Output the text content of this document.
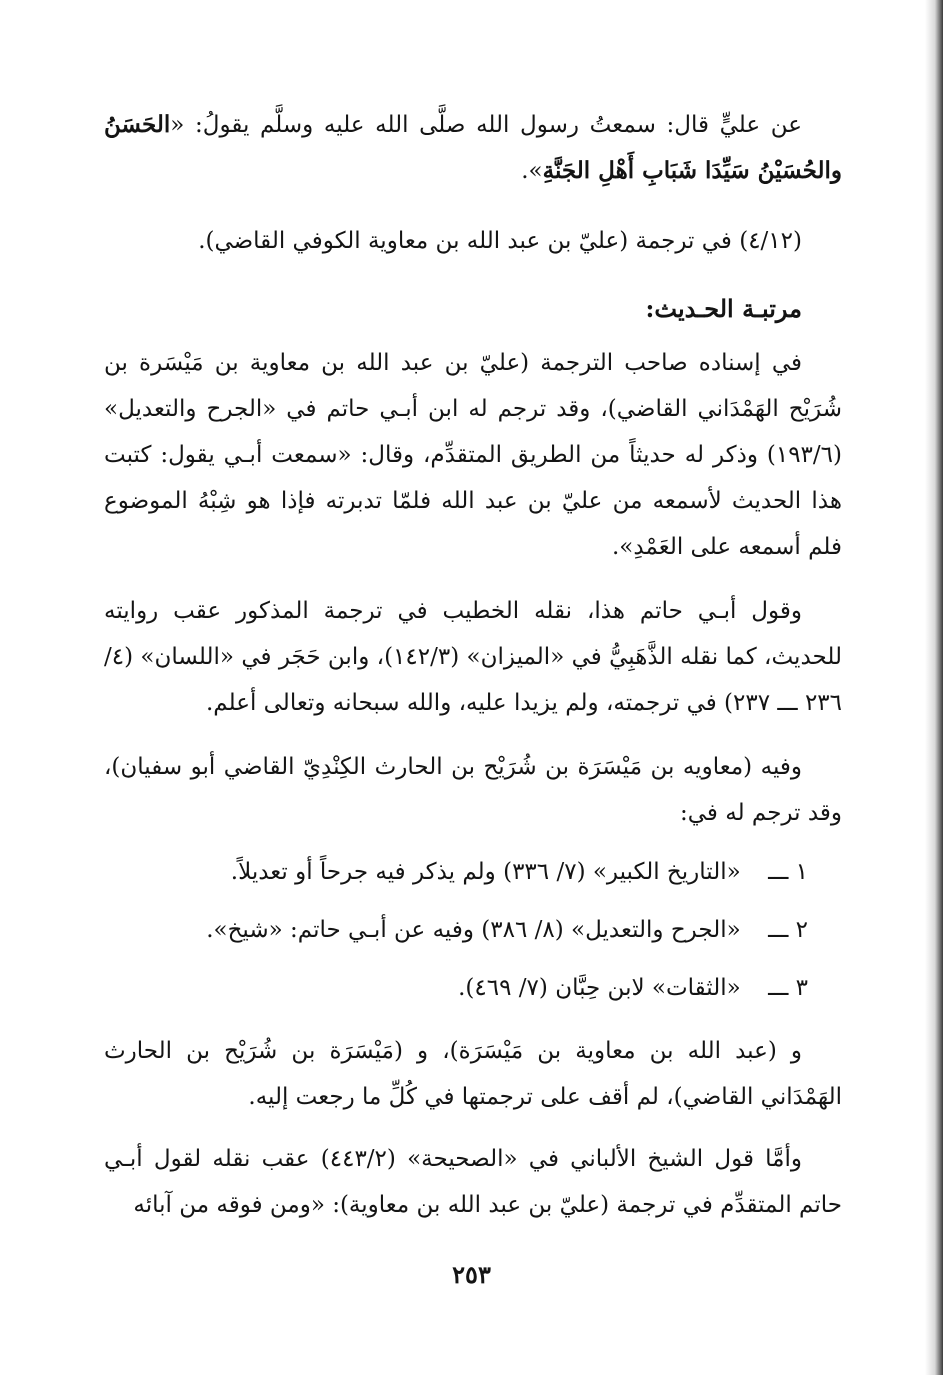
عن عليٍّ قال: سمعتُ رسول الله صلَّى الله عليه وسلَّم يقولُ: «الحَسَنُ والحُسَيْنُ سَيِّدَا شَبَابِ أَهْلِ الجَنَّةِ».
(٤/١٢) في ترجمة (عليّ بن عبد الله بن معاوية الكوفي القاضي).
مرتبـة الحـديث:
في إسناده صاحب الترجمة (عليّ بن عبد الله بن معاوية بن مَيْسَرة بن شُرَيْح الهَمْدَاني القاضي)، وقد ترجم له ابن أبـي حاتم في «الجرح والتعديل» (١٩٣/٦) وذكر له حديثاً من الطريق المتقدِّم، وقال: «سمعت أبـي يقول: كتبت هذا الحديث لأسمعه من عليّ بن عبد الله فلمّا تدبرته فإذا هو شِبْهُ الموضوع فلم أسمعه على العَمْدِ».
وقول أبـي حاتم هذا، نقله الخطيب في ترجمة المذكور عقب روايته للحديث، كما نقله الذَّهَبِيُّ في «الميزان» (١٤٢/٣)، وابن حَجَر في «اللسان» (٤/ ٢٣٦ ـــ ٢٣٧) في ترجمته، ولم يزيدا عليه، والله سبحانه وتعالى أعلم.
وفيه (معاويه بن مَيْسَرَة بن شُرَيْح بن الحارث الكِنْدِيّ القاضي أبو سفيان)، وقد ترجم له في:
١ ـــ «التاريخ الكبير» (٧/ ٣٣٦) ولم يذكر فيه جرحاً أو تعديلاً.
٢ ـــ «الجرح والتعديل» (٨/ ٣٨٦) وفيه عن أبـي حاتم: «شيخ».
٣ ـــ «الثقات» لابن حِبَّان (٧/ ٤٦٩).
و (عبد الله بن معاوية بن مَيْسَرَة)، و (مَيْسَرَة بن شُرَيْح بن الحارث الهَمْدَاني القاضي)، لم أقف على ترجمتها في كُلِّ ما رجعت إليه.
وأمَّا قول الشيخ الألباني في «الصحيحة» (٤٤٣/٢) عقب نقله لقول أبـي حاتم المتقدِّم في ترجمة (عليّ بن عبد الله بن معاوية): «ومن فوقه من آبائه
٢٥٣
